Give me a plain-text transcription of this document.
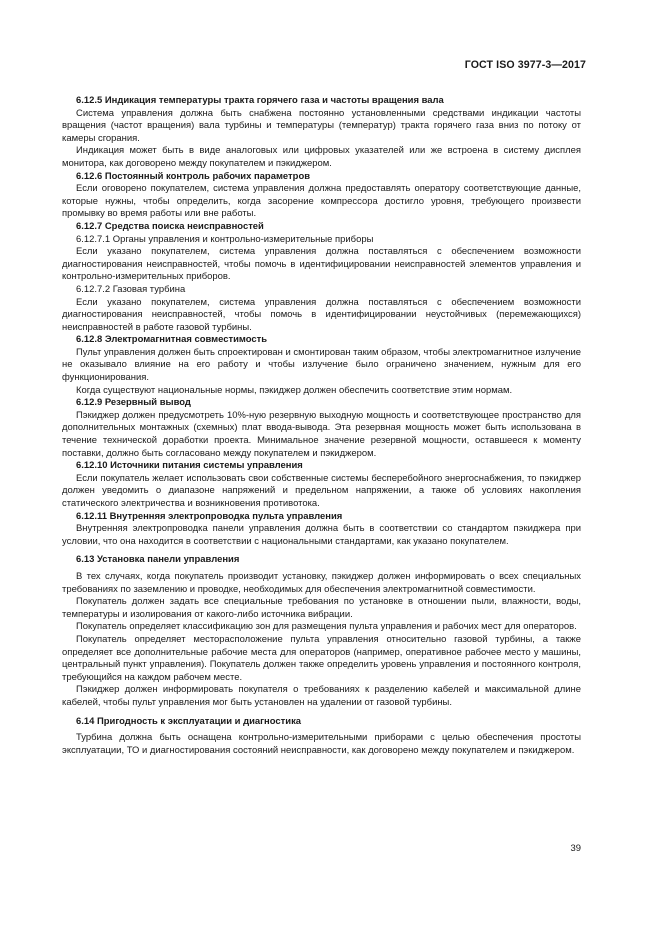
ГОСТ ISO 3977-3—2017
6.12.5 Индикация температуры тракта горячего газа и частоты вращения вала

Система управления должна быть снабжена постоянно установленными средствами индикации частоты вращения (частот вращения) вала турбины и температуры (температур) тракта горячего газа вниз по потоку от камеры сгорания.

Индикация может быть в виде аналоговых или цифровых указателей или же встроена в систему дисплея монитора, как договорено между покупателем и пэкиджером.

6.12.6 Постоянный контроль рабочих параметров

Если оговорено покупателем, система управления должна предоставлять оператору соответствующие данные, которые нужны, чтобы определить, когда засорение компрессора достигло уровня, требующего произвести промывку во время работы или вне работы.

6.12.7 Средства поиска неисправностей

6.12.7.1 Органы управления и контрольно-измерительные приборы

Если указано покупателем, система управления должна поставляться с обеспечением возможности диагностирования неисправностей, чтобы помочь в идентифицировании неисправностей элементов управления и контрольно-измерительных приборов.

6.12.7.2 Газовая турбина

Если указано покупателем, система управления должна поставляться с обеспечением возможности диагностирования неисправностей, чтобы помочь в идентифицировании неустойчивых (перемежающихся) неисправностей в работе газовой турбины.

6.12.8 Электромагнитная совместимость

Пульт управления должен быть спроектирован и смонтирован таким образом, чтобы электромагнитное излучение не оказывало влияние на его работу и чтобы излучение было ограничено значением, нужным для его функционирования.

Когда существуют национальные нормы, пэкиджер должен обеспечить соответствие этим нормам.

6.12.9 Резервный вывод

Пэкиджер должен предусмотреть 10%-ную резервную выходную мощность и соответствующее пространство для дополнительных монтажных (схемных) плат ввода-вывода. Эта резервная мощность может быть использована в течение технической доработки проекта. Минимальное значение резервной мощности, оставшееся к моменту поставки, должно быть согласовано между покупателем и пэкиджером.

6.12.10 Источники питания системы управления

Если покупатель желает использовать свои собственные системы бесперебойного энергоснабжения, то пэкиджер должен уведомить о диапазоне напряжений и предельном напряжении, а также об условиях накопления статического электричества и возникновения противотока.

6.12.11 Внутренняя электропроводка пульта управления

Внутренняя электропроводка панели управления должна быть в соответствии со стандартом пэкиджера при условии, что она находится в соответствии с национальными стандартами, как указано покупателем.

6.13 Установка панели управления

В тех случаях, когда покупатель производит установку, пэкиджер должен информировать о всех специальных требованиях по заземлению и проводке, необходимых для обеспечения электромагнитной совместимости.

Покупатель должен задать все специальные требования по установке в отношении пыли, влажности, воды, температуры и изолирования от какого-либо источника вибрации.

Покупатель определяет классификацию зон для размещения пульта управления и рабочих мест для операторов.

Покупатель определяет месторасположение пульта управления относительно газовой турбины, а также определяет все дополнительные рабочие места для операторов (например, оперативное рабочее место у машины, центральный пункт управления). Покупатель должен также определить уровень управления и постоянного контроля, требующийся на каждом рабочем месте.

Пэкиджер должен информировать покупателя о требованиях к разделению кабелей и максимальной длине кабелей, чтобы пульт управления мог быть установлен на удалении от газовой турбины.

6.14 Пригодность к эксплуатации и диагностика

Турбина должна быть оснащена контрольно-измерительными приборами с целью обеспечения простоты эксплуатации, ТО и диагностирования состояний неисправности, как договорено между покупателем и пэкиджером.

39
